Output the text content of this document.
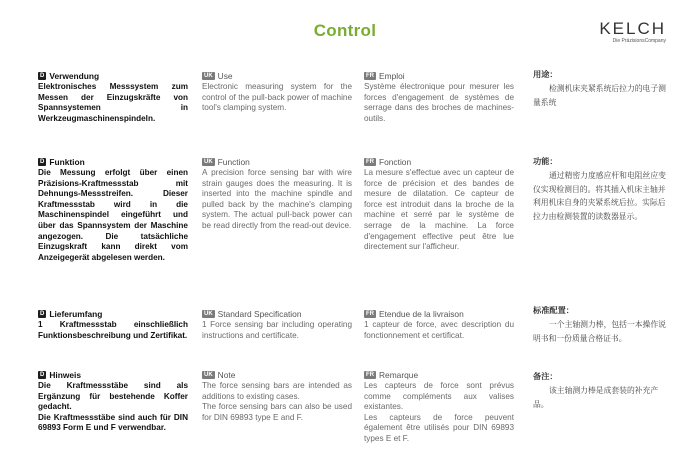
Control	KELCH
Die PräzisionsCompany
D Verwendung

Elektronisches Messsystem zum Messen der Einzugskräfte von Spannsystemen in Werkzeugmaschinenspindeln.

D Funktion

Die Messung erfolgt über einen Präzisions-Kraftmessstab mit Dehnungs-Messstreifen. Dieser Kraftmessstab wird in die Maschinenspindel eingeführt und über das Spannsystem der Maschine angezogen. Die tatsächliche Einzugskraft kann direkt vom Anzeigegerät abgelesen werden.

D Lieferumfang

1 Kraftmessstab einschließlich Funktionsbeschreibung und Zertifikat.

D Hinweis

Die Kraftmessstäbe sind als Ergänzung für bestehende Koffer gedacht.

Die Kraftmessstäbe sind auch für DIN 69893 Form E und F verwendbar.

UK Use

Electronic measuring system for the control of the pull-back power of machine tool's clamping system.

UK Function

A precision force sensing bar with wire strain gauges does the measuring. It is inserted into the machine spindle and pulled back by the machine's clamping system. The actual pull-back power can be read directly from the read-out device.

UK Standard Specification

1 Force sensing bar including operating instructions and certificate.

UK Note

The force sensing bars are intended as additions to existing cases.

The force sensing bars can also be used for DIN 69893 type E and F.

FR Emploi

Système électronique pour mesurer les forces d'engagement de systèmes de serrage dans des broches de machines-outils.

FR Fonction

La mesure s'effectue avec un capteur de force de précision et des bandes de mesure de dilatation. Ce capteur de force est introduit dans la broche de la machine et serré par le système de serrage de la machine. La force d'engagement effective peut être lue directement sur l'afficheur.

FR Etendue de la livraison

1 capteur de force, avec description du fonctionnement et certificat.

FR Remarque

Les capteurs de force sont prévus comme compléments aux valises existantes.

Les capteurs de force peuvent également être utilisés pour DIN 69893 types E et F.

用途：

检测机床夹紧系统后拉力的电子测量系统

功能：

通过精密力度感应杆和电阻丝应变仪实现检测目的。将其插入机床主轴并利用机床自身的夹紧系统后拉。实际后拉力由检测装置的读数器显示。

标准配置：

一个主轴测力棒，包括一本操作说明书和一份质量合格证书。

备注：

该主轴测力棒是成套装的补充产品。
